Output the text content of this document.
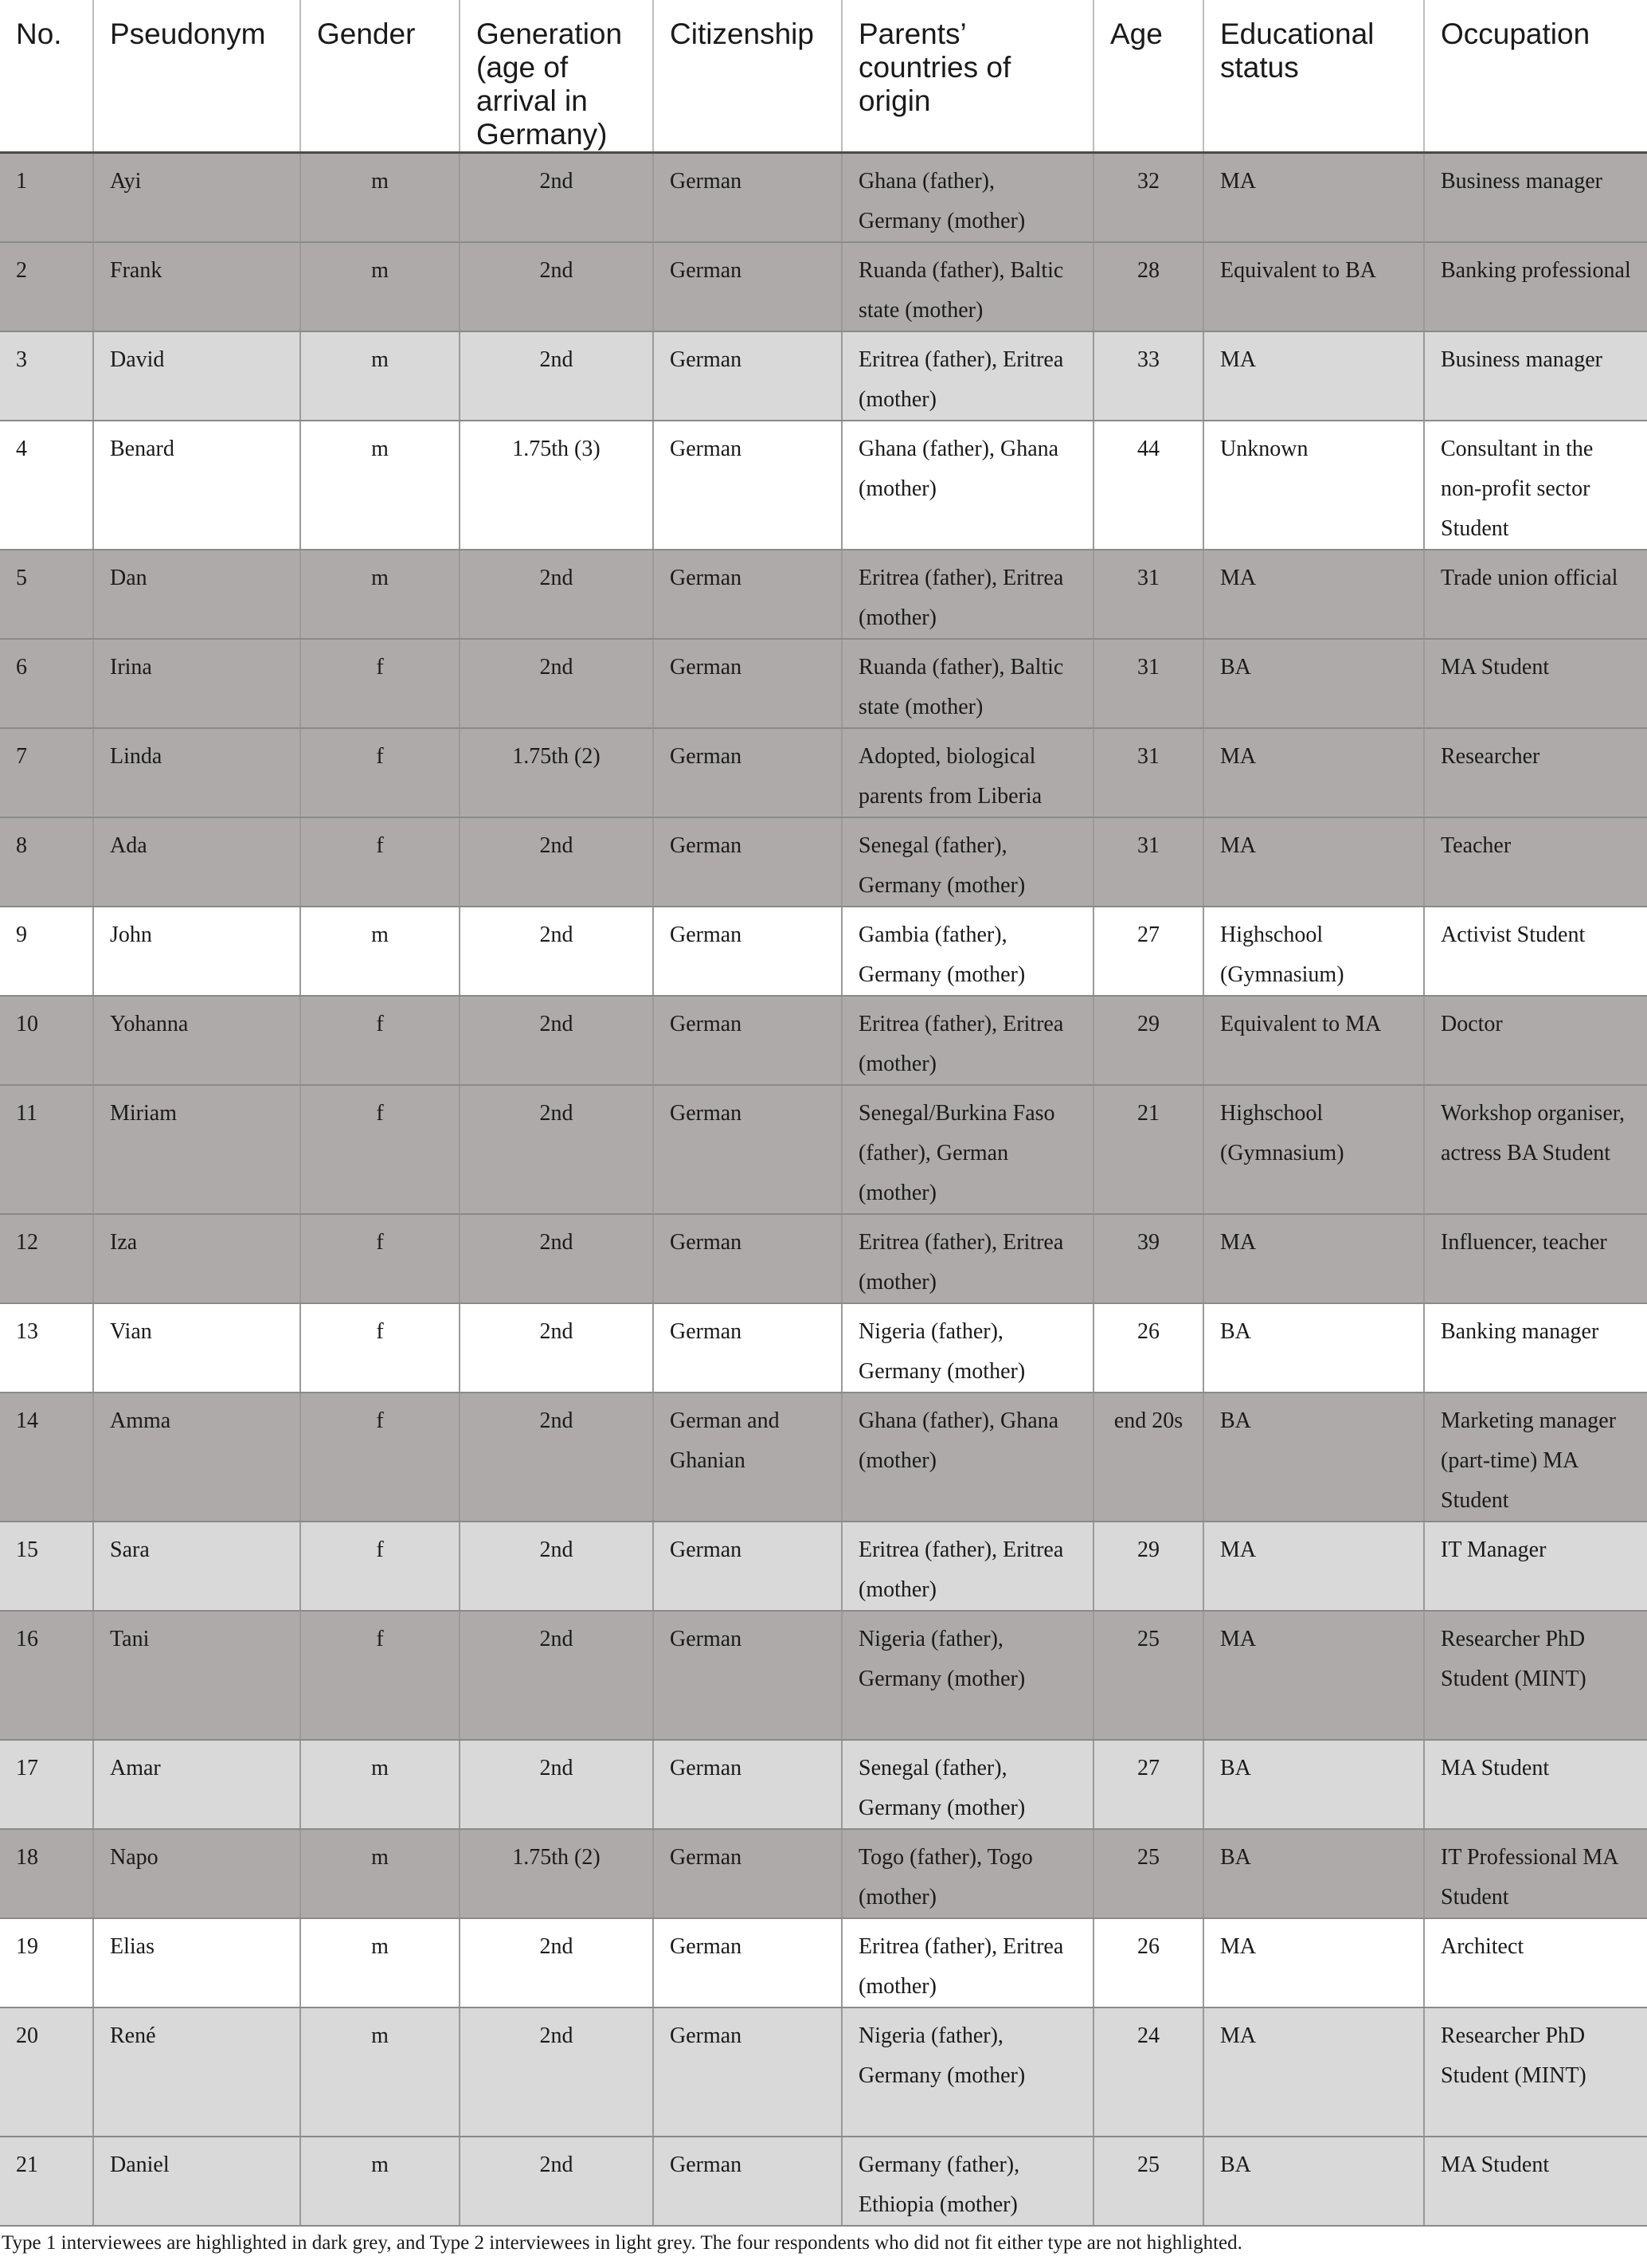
No.	Pseudonym	Gender	Generation (age of arrival in Germany)	Citizenship	Parents’ countries of origin	Age	Educational status	Occupation
1	Ayi	m	2nd	German	Ghana (father), Germany (mother)	32	MA	Business manager
2	Frank	m	2nd	German	Ruanda (father), Baltic state (mother)	28	Equivalent to BA	Banking professional
3	David	m	2nd	German	Eritrea (father), Eritrea (mother)	33	MA	Business manager
4	Benard	m	1.75th (3)	German	Ghana (father), Ghana (mother)	44	Unknown	Consultant in the non-profit sector Student
5	Dan	m	2nd	German	Eritrea (father), Eritrea (mother)	31	MA	Trade union official
6	Irina	f	2nd	German	Ruanda (father), Baltic state (mother)	31	BA	MA Student
7	Linda	f	1.75th (2)	German	Adopted, biological parents from Liberia	31	MA	Researcher
8	Ada	f	2nd	German	Senegal (father), Germany (mother)	31	MA	Teacher
9	John	m	2nd	German	Gambia (father), Germany (mother)	27	Highschool (Gymnasium)	Activist Student
10	Yohanna	f	2nd	German	Eritrea (father), Eritrea (mother)	29	Equivalent to MA	Doctor
11	Miriam	f	2nd	German	Senegal/Burkina Faso (father), German (mother)	21	Highschool (Gymnasium)	Workshop organiser, actress BA Student
12	Iza	f	2nd	German	Eritrea (father), Eritrea (mother)	39	MA	Influencer, teacher
13	Vian	f	2nd	German	Nigeria (father), Germany (mother)	26	BA	Banking manager
14	Amma	f	2nd	German and Ghanian	Ghana (father), Ghana (mother)	end 20s	BA	Marketing manager (part-time) MA Student
15	Sara	f	2nd	German	Eritrea (father), Eritrea (mother)	29	MA	IT Manager
16	Tani	f	2nd	German	Nigeria (father), Germany (mother)	25	MA	Researcher PhD Student (MINT)
17	Amar	m	2nd	German	Senegal (father), Germany (mother)	27	BA	MA Student
18	Napo	m	1.75th (2)	German	Togo (father), Togo (mother)	25	BA	IT Professional MA Student
19	Elias	m	2nd	German	Eritrea (father), Eritrea (mother)	26	MA	Architect
20	René	m	2nd	German	Nigeria (father), Germany (mother)	24	MA	Researcher PhD Student (MINT)
21	Daniel	m	2nd	German	Germany (father), Ethiopia (mother)	25	BA	MA Student
Type 1 interviewees are highlighted in dark grey, and Type 2 interviewees in light grey. The four respondents who did not fit either type are not highlighted.
